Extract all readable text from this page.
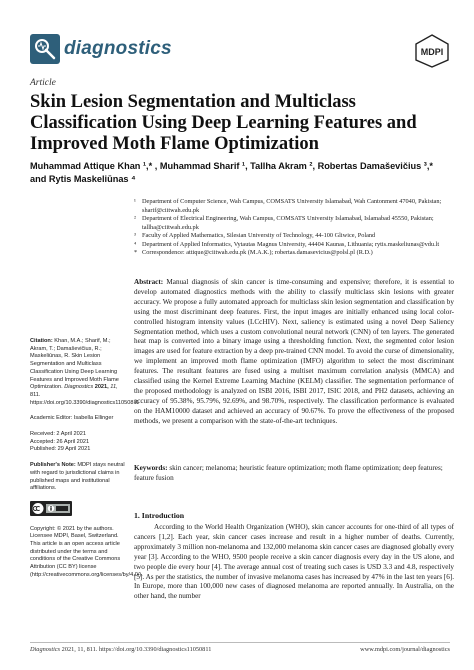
diagnostics	MDPI
Article
Skin Lesion Segmentation and Multiclass Classification Using Deep Learning Features and Improved Moth Flame Optimization
Muhammad Attique Khan ¹,* , Muhammad Sharif ¹, Tallha Akram ², Robertas Damaševičius ³,*
and Rytis Maskeliūnas ⁴
¹ Department of Computer Science, Wah Campus, COMSATS University Islamabad, Wah Cantonment 47040, Pakistan; sharif@ciitwah.edu.pk
² Department of Electrical Engineering, Wah Campus, COMSATS University Islamabad, Islamabad 45550, Pakistan; tallha@ciitwah.edu.pk
³ Faculty of Applied Mathematics, Silesian University of Technology, 44-100 Gliwice, Poland
⁴ Department of Applied Informatics, Vytautas Magnus University, 44404 Kaunas, Lithuania; rytis.maskeliunas@vdu.lt
* Correspondence: attique@ciitwah.edu.pk (M.A.K.); robertas.damasevicius@polsl.pl (R.D.)
Abstract: Manual diagnosis of skin cancer is time-consuming and expensive; therefore, it is essential to develop automated diagnostics methods with the ability to classify multiclass skin lesions with greater accuracy. We propose a fully automated approach for multiclass skin lesion segmentation and classification by using the most discriminant deep features. First, the input images are initially enhanced using local color-controlled histogram intensity values (LCcHIV). Next, saliency is estimated using a novel Deep Saliency Segmentation method, which uses a custom convolutional neural network (CNN) of ten layers. The generated heat map is converted into a binary image using a thresholding function. Next, the segmented color lesion images are used for feature extraction by a deep pre-trained CNN model. To avoid the curse of dimensionality, we implement an improved moth flame optimization (IMFO) algorithm to select the most discriminant features. The resultant features are fused using a multiset maximum correlation analysis (MMCA) and classified using the Kernel Extreme Learning Machine (KELM) classifier. The segmentation performance of the proposed methodology is analyzed on ISBI 2016, ISBI 2017, ISIC 2018, and PH2 datasets, achieving an accuracy of 95.38%, 95.79%, 92.69%, and 98.70%, respectively. The classification performance is evaluated on the HAM10000 dataset and achieved an accuracy of 90.67%. To prove the effectiveness of the proposed methods, we present a comparison with the state-of-the-art techniques.
Keywords: skin cancer; melanoma; heuristic feature optimization; moth flame optimization; deep features; feature fusion
1. Introduction
According to the World Health Organization (WHO), skin cancer accounts for one-third of all types of cancers [1,2]. Each year, skin cancer cases increase and result in a higher number of deaths. Currently, approximately 3 million non-melanoma and 132,000 melanoma skin cancer cases are diagnosed globally every year [3]. According to the WHO, 9500 people receive a skin cancer diagnosis every day in the US alone, and two people die every hour [4]. The average annual cost of treating such cases is USD 3.3 and 4.8, respectively [5]. As per the statistics, the number of invasive melanoma cases has increased by 47% in the last ten years [6]. In Europe, more than 100,000 new cases of diagnosed melanoma are reported annually. In Australia, on the other hand, the number
Citation: Khan, M.A.; Sharif, M.; Akram, T.; Damaševičius, R.; Maskeliūnas, R. Skin Lesion Segmentation and Multiclass Classification Using Deep Learning Features and Improved Moth Flame Optimization. Diagnostics 2021, 11, 811. https://doi.org/10.3390/diagnostics11050811
Academic Editor: Isabella Ellinger
Received: 2 April 2021
Accepted: 26 April 2021
Published: 29 April 2021
Publisher's Note: MDPI stays neutral with regard to jurisdictional claims in published maps and institutional affiliations.
Copyright: © 2021 by the authors. Licensee MDPI, Basel, Switzerland. This article is an open access article distributed under the terms and conditions of the Creative Commons Attribution (CC BY) license (http://creativecommons.org/licenses/by/4.0/).
Diagnostics 2021, 11, 811. https://doi.org/10.3390/diagnostics11050811	www.mdpi.com/journal/diagnostics
